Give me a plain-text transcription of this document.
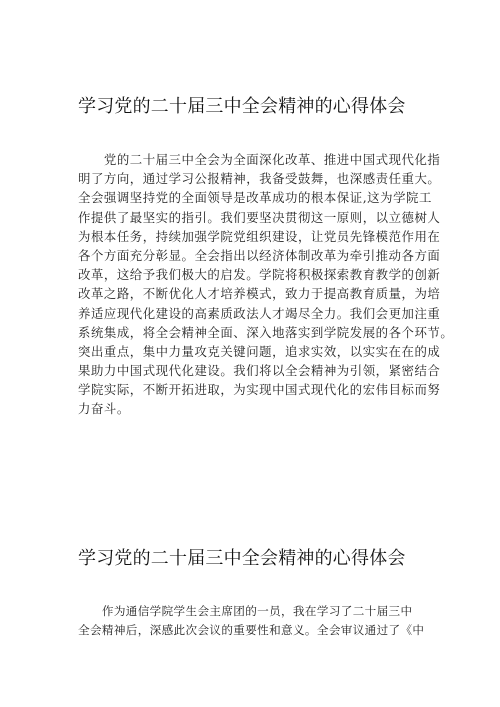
学习党的二十届三中全会精神的心得体会
　　党的二十届三中全会为全面深化改革、推进中国式现代化指
明了方向，通过学习公报精神，我备受鼓舞，也深感责任重大。
全会强调坚持党的全面领导是改革成功的根本保证,这为学院工
作提供了最坚实的指引。我们要坚决贯彻这一原则，以立德树人
为根本任务，持续加强学院党组织建设，让党员先锋模范作用在
各个方面充分彰显。全会指出以经济体制改革为牵引推动各方面
改革，这给予我们极大的启发。学院将积极探索教育教学的创新
改革之路，不断优化人才培养模式，致力于提高教育质量，为培
养适应现代化建设的高素质政法人才竭尽全力。我们会更加注重
系统集成，将全会精神全面、深入地落实到学院发展的各个环节。
突出重点，集中力量攻克关键问题，追求实效，以实实在在的成
果助力中国式现代化建设。我们将以全会精神为引领，紧密结合
学院实际，不断开拓进取，为实现中国式现代化的宏伟目标而努
力奋斗。
学习党的二十届三中全会精神的心得体会
　　作为通信学院学生会主席团的一员，我在学习了二十届三中
全会精神后，深感此次会议的重要性和意义。全会审议通过了《中
